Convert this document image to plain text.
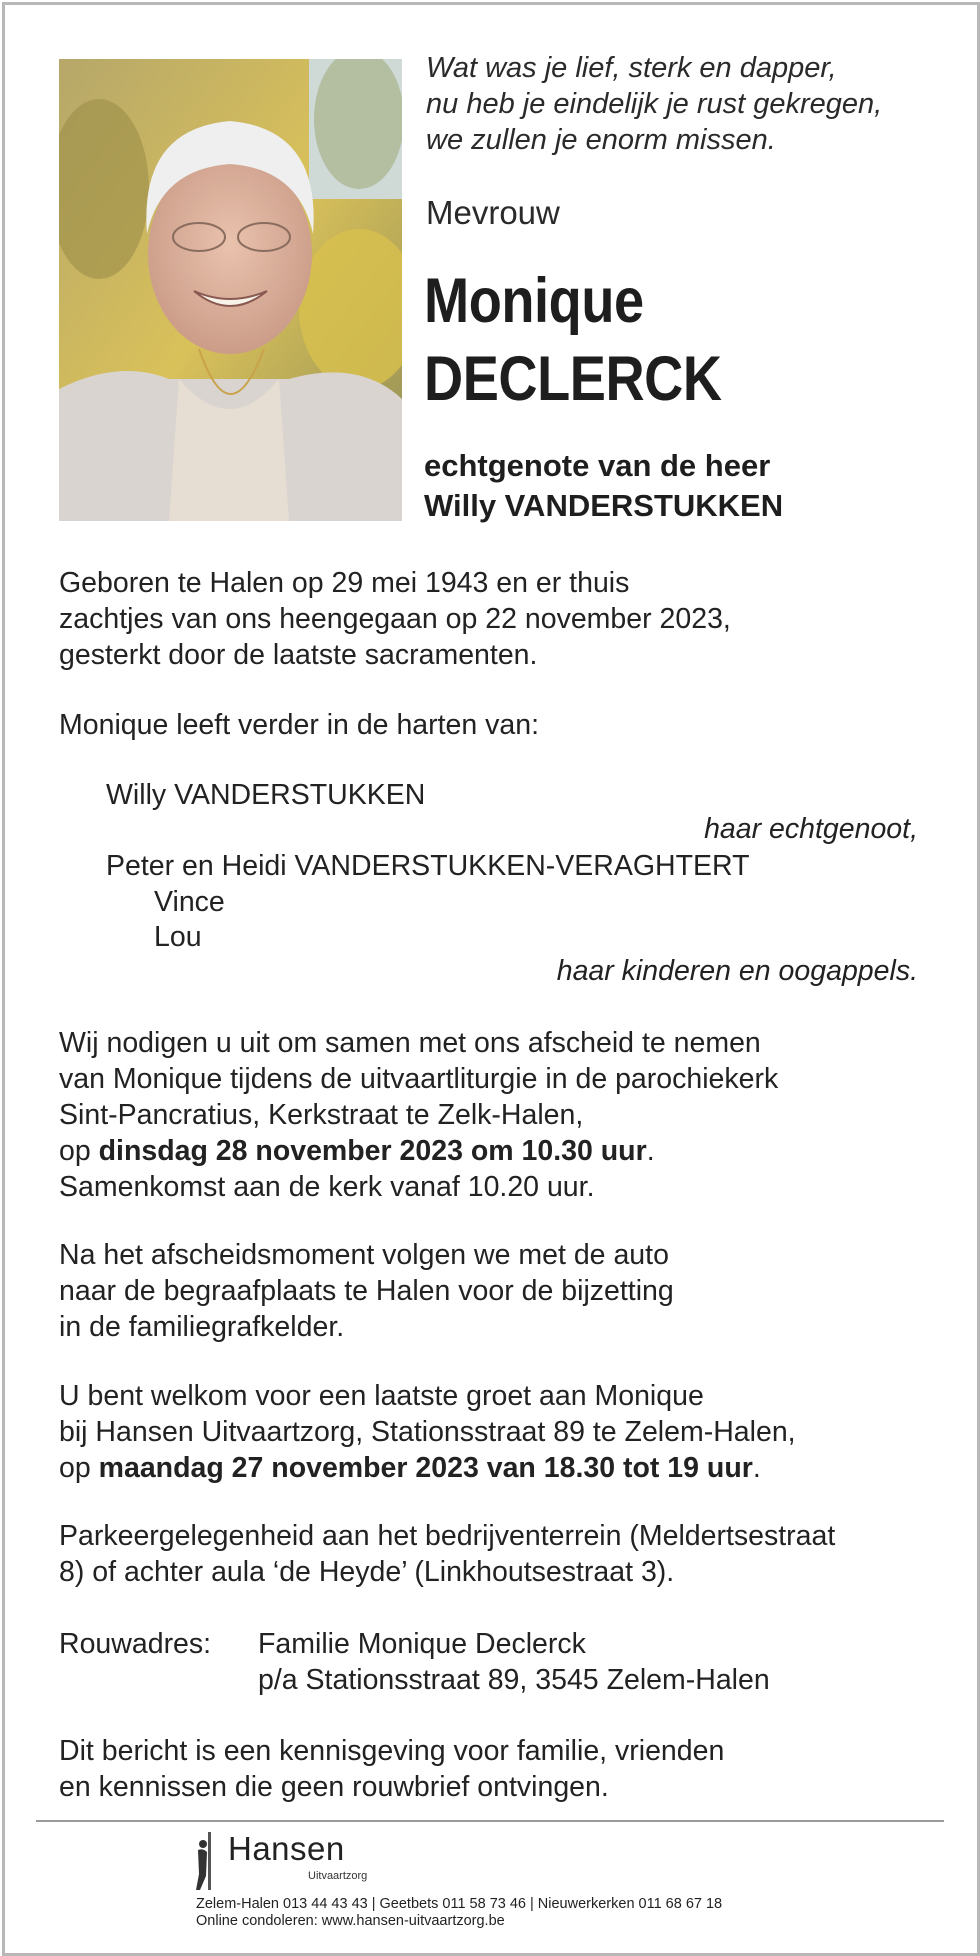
Wat was je lief, sterk en dapper,
nu heb je eindelijk je rust gekregen,
we zullen je enorm missen.
Mevrouw
Monique
DECLERCK
echtgenote van de heer
Willy VANDERSTUKKEN
Geboren te Halen op 29 mei 1943 en er thuis
zachtjes van ons heengegaan op 22 november 2023,
gesterkt door de laatste sacramenten.
Monique leeft verder in de harten van:
Willy VANDERSTUKKEN
haar echtgenoot,
Peter en Heidi VANDERSTUKKEN-VERAGHTERT
Vince
Lou
haar kinderen en oogappels.
Wij nodigen u uit om samen met ons afscheid te nemen
van Monique tijdens de uitvaartliturgie in de parochiekerk
Sint-Pancratius, Kerkstraat te Zelk-Halen,
op dinsdag 28 november 2023 om 10.30 uur.
Samenkomst aan de kerk vanaf 10.20 uur.
Na het afscheidsmoment volgen we met de auto
naar de begraafplaats te Halen voor de bijzetting
in de familiegrafkelder.
U bent welkom voor een laatste groet aan Monique
bij Hansen Uitvaartzorg, Stationsstraat 89 te Zelem-Halen,
op maandag 27 november 2023 van 18.30 tot 19 uur.
Parkeergelegenheid aan het bedrijventerrein (Meldertsestraat
8) of achter aula ‘de Heyde’ (Linkhoutsestraat 3).
Rouwadres: Familie Monique Declerck
p/a Stationsstraat 89, 3545 Zelem-Halen
Dit bericht is een kennisgeving voor familie, vrienden
en kennissen die geen rouwbrief ontvingen.
Hansen
Uitvaartzorg
Zelem-Halen 013 44 43 43 | Geetbets 011 58 73 46 | Nieuwerkerken 011 68 67 18
Online condoleren: www.hansen-uitvaartzorg.be
